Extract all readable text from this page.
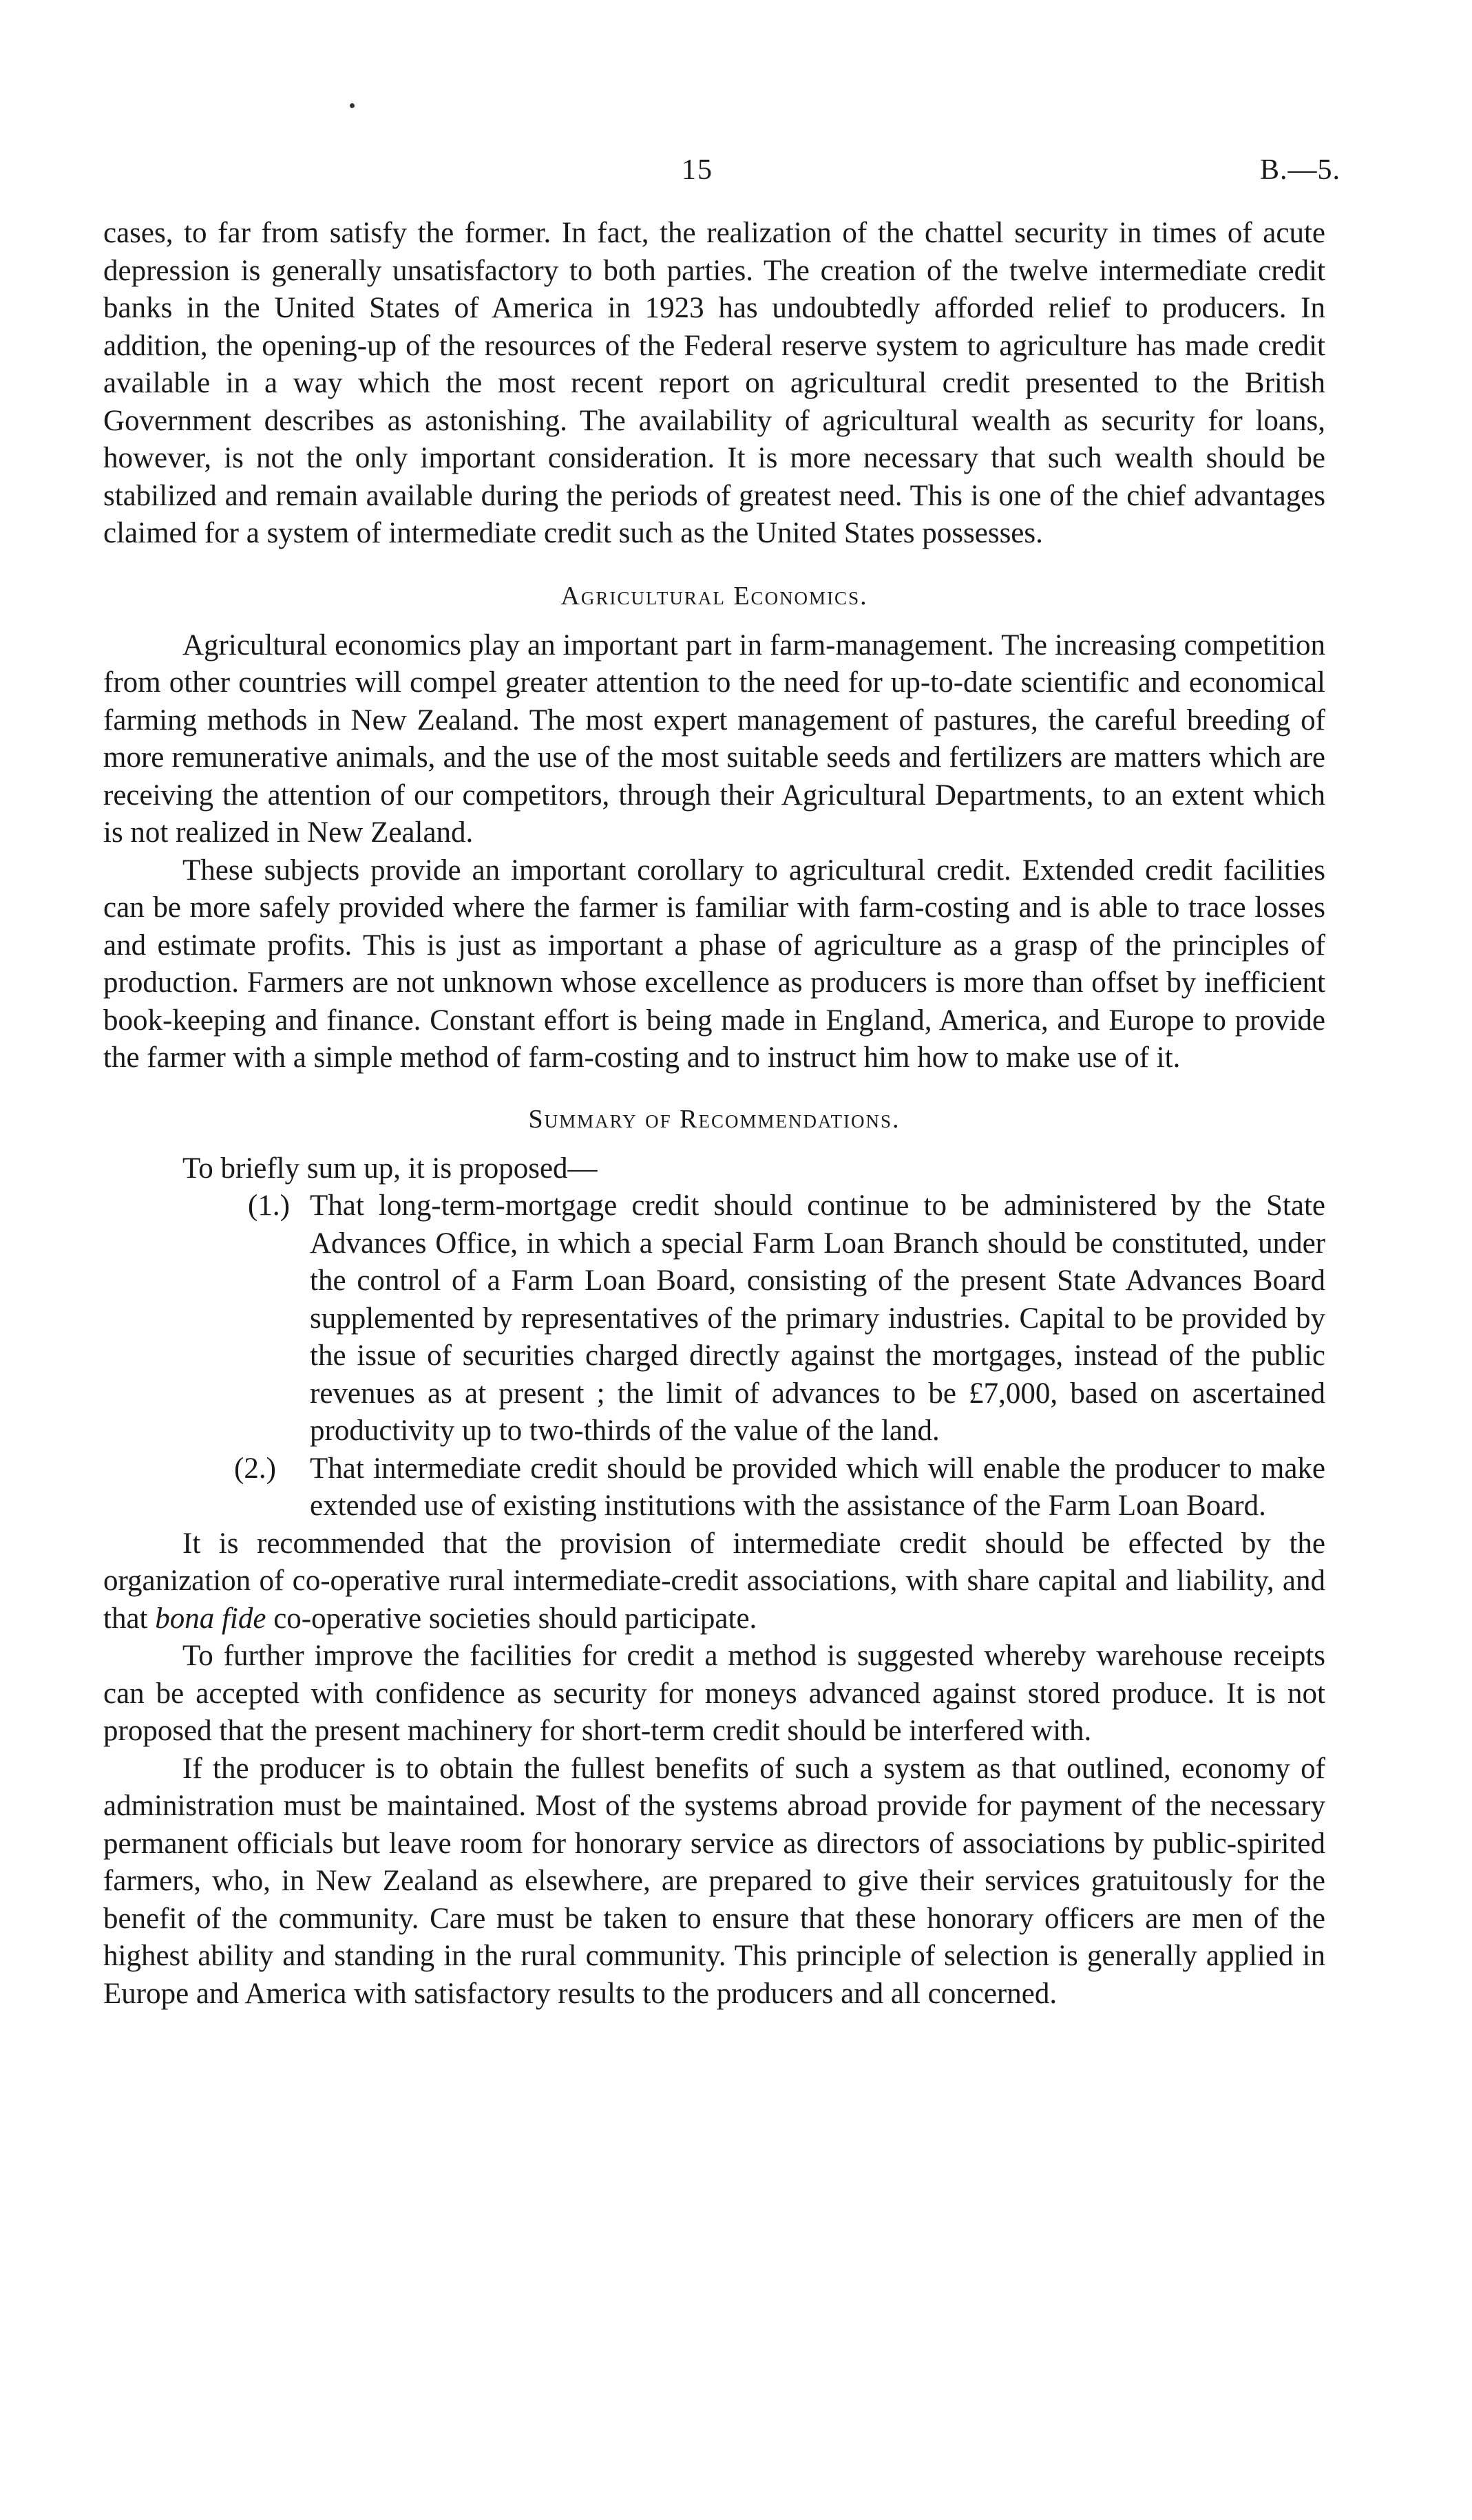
15	B.—5.

cases, to far from satisfy the former. In fact, the realization of the chattel security in times of acute depression is generally unsatisfactory to both parties. The creation of the twelve intermediate credit banks in the United States of America in 1923 has undoubtedly afforded relief to producers. In addition, the opening-up of the resources of the Federal reserve system to agriculture has made credit available in a way which the most recent report on agricultural credit presented to the British Government describes as astonishing. The availability of agricultural wealth as security for loans, however, is not the only important consideration. It is more necessary that such wealth should be stabilized and remain available during the periods of greatest need. This is one of the chief advantages claimed for a system of intermediate credit such as the United States possesses.

Agricultural Economics.

Agricultural economics play an important part in farm-management. The increasing competition from other countries will compel greater attention to the need for up-to-date scientific and economical farming methods in New Zealand. The most expert management of pastures, the careful breeding of more remunerative animals, and the use of the most suitable seeds and fertilizers are matters which are receiving the attention of our competitors, through their Agricultural Departments, to an extent which is not realized in New Zealand.

These subjects provide an important corollary to agricultural credit. Extended credit facilities can be more safely provided where the farmer is familiar with farm-costing and is able to trace losses and estimate profits. This is just as important a phase of agriculture as a grasp of the principles of production. Farmers are not unknown whose excellence as producers is more than offset by inefficient book-keeping and finance. Constant effort is being made in England, America, and Europe to provide the farmer with a simple method of farm-costing and to instruct him how to make use of it.

Summary of Recommendations.

To briefly sum up, it is proposed—

(1.) That long-term-mortgage credit should continue to be administered by the State Advances Office, in which a special Farm Loan Branch should be constituted, under the control of a Farm Loan Board, consisting of the present State Advances Board supplemented by representatives of the primary industries. Capital to be provided by the issue of securities charged directly against the mortgages, instead of the public revenues as at present ; the limit of advances to be £7,000, based on ascertained productivity up to two-thirds of the value of the land.
(2.) That intermediate credit should be provided which will enable the producer to make extended use of existing institutions with the assistance of the Farm Loan Board.

It is recommended that the provision of intermediate credit should be effected by the organization of co-operative rural intermediate-credit associations, with share capital and liability, and that bona fide co-operative societies should participate.

To further improve the facilities for credit a method is suggested whereby warehouse receipts can be accepted with confidence as security for moneys advanced against stored produce. It is not proposed that the present machinery for short-term credit should be interfered with.

If the producer is to obtain the fullest benefits of such a system as that outlined, economy of administration must be maintained. Most of the systems abroad provide for payment of the necessary permanent officials but leave room for honorary service as directors of associations by public-spirited farmers, who, in New Zealand as elsewhere, are prepared to give their services gratuitously for the benefit of the community. Care must be taken to ensure that these honorary officers are men of the highest ability and standing in the rural community. This principle of selection is generally applied in Europe and America with satisfactory results to the producers and all concerned.
